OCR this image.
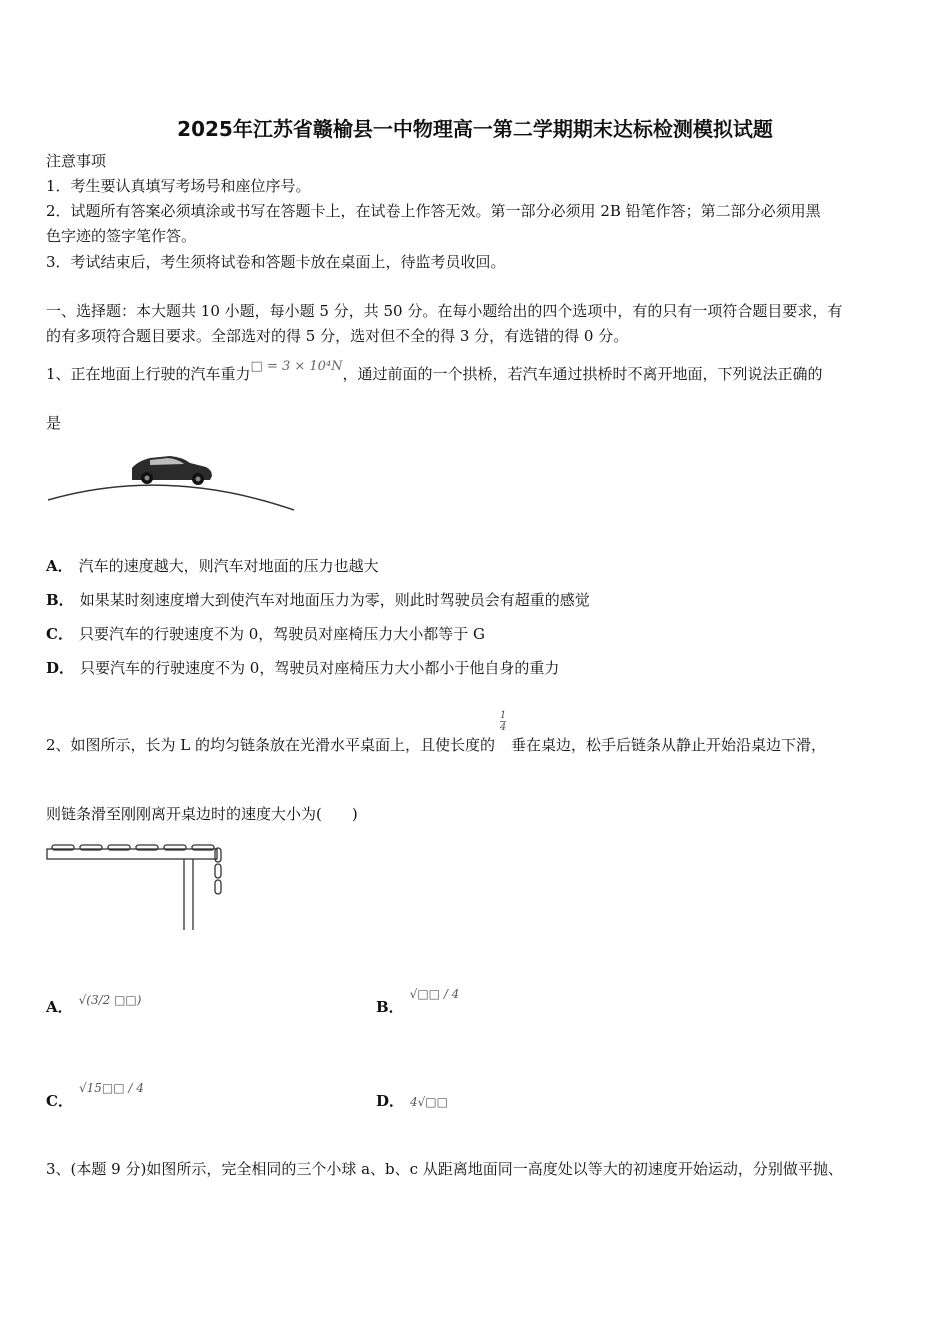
2025年江苏省赣榆县一中物理高一第二学期期末达标检测模拟试题
注意事项
1．考生要认真填写考场号和座位序号。
2．试题所有答案必须填涂或书写在答题卡上，在试卷上作答无效。第一部分必须用 2B 铅笔作答；第二部分必须用黑
色字迹的签字笔作答。
3．考试结束后，考生须将试卷和答题卡放在桌面上，待监考员收回。
一、选择题：本大题共 10 小题，每小题 5 分，共 50 分。在每小题给出的四个选项中，有的只有一项符合题目要求，有
的有多项符合题目要求。全部选对的得 5 分，选对但不全的得 3 分，有选错的得 0 分。
1、正在地面上行驶的汽车重力□ = 3 × 10⁴N，通过前面的一个拱桥，若汽车通过拱桥时不离开地面，下列说法正确的
是
A． 汽车的速度越大，则汽车对地面的压力也越大
B． 如果某时刻速度增大到使汽车对地面压力为零，则此时驾驶员会有超重的感觉
C． 只要汽车的行驶速度不为 0，驾驶员对座椅压力大小都等于 G
D． 只要汽车的行驶速度不为 0，驾驶员对座椅压力大小都小于他自身的重力
2、如图所示，长为 L 的均匀链条放在光滑水平桌面上，且使长度的
$\frac{1}{4}$
垂在桌边，松手后链条从静止开始沿桌边下滑，
则链条滑至刚刚离开桌边时的速度大小为(　　)
A． $^{√(3/2 □□)}$	B．$^{√□□ / 4}$
C．$^{√15□□ / 4}$
D． 4√□□
3、(本题 9 分)如图所示，完全相同的三个小球 a、b、c 从距离地面同一高度处以等大的初速度开始运动，分别做平抛、
